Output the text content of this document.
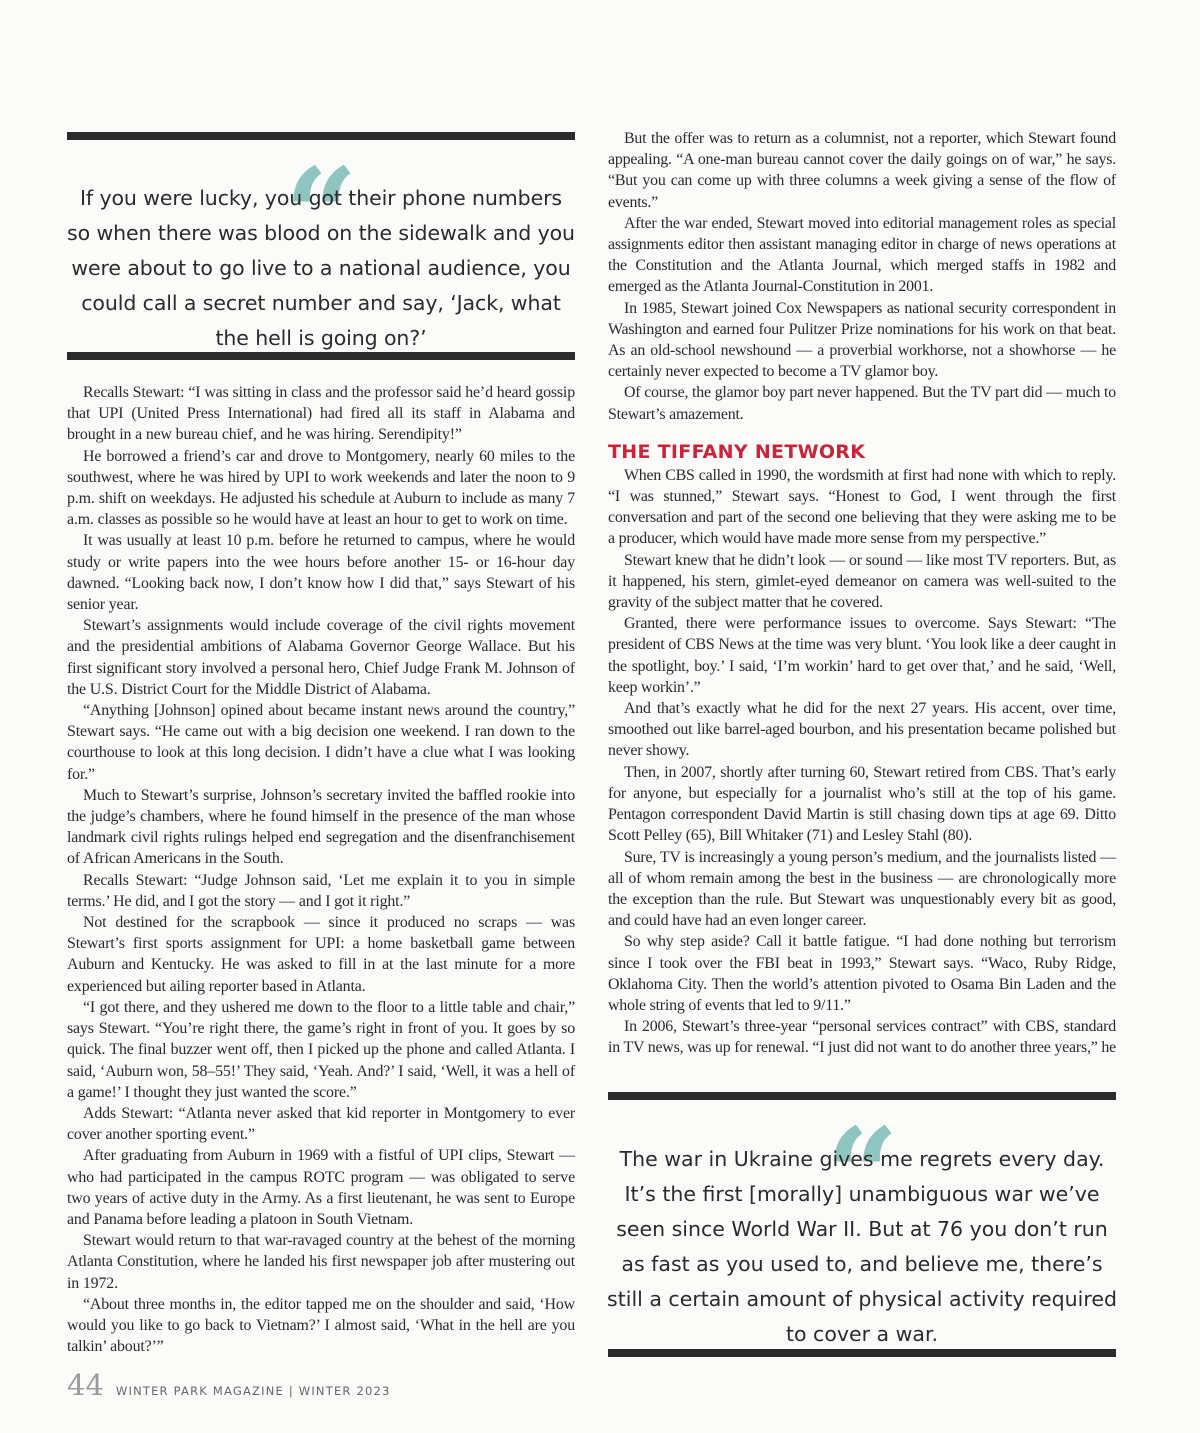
“

If you were lucky, you got their phone numbers so when there was blood on the sidewalk and you were about to go live to a national audience, you could call a secret number and say, ‘Jack, what the hell is going on?’

Recalls Stewart: “I was sitting in class and the professor said he’d heard gossip that UPI (United Press International) had fired all its staff in Alabama and brought in a new bureau chief, and he was hiring. Serendipity!”

He borrowed a friend’s car and drove to Montgomery, nearly 60 miles to the southwest, where he was hired by UPI to work weekends and later the noon to 9 p.m. shift on weekdays. He adjusted his schedule at Auburn to include as many 7 a.m. classes as possible so he would have at least an hour to get to work on time.

It was usually at least 10 p.m. before he returned to campus, where he would study or write papers into the wee hours before another 15- or 16-hour day dawned. “Looking back now, I don’t know how I did that,” says Stewart of his senior year.

Stewart’s assignments would include coverage of the civil rights movement and the presidential ambitions of Alabama Governor George Wallace. But his first significant story involved a personal hero, Chief Judge Frank M. Johnson of the U.S. District Court for the Middle District of Alabama.

“Anything [Johnson] opined about became instant news around the country,” Stewart says. “He came out with a big decision one weekend. I ran down to the courthouse to look at this long decision. I didn’t have a clue what I was looking for.”

Much to Stewart’s surprise, Johnson’s secretary invited the baffled rookie into the judge’s chambers, where he found himself in the presence of the man whose landmark civil rights rulings helped end segregation and the disenfranchisement of African Americans in the South.

Recalls Stewart: “Judge Johnson said, ‘Let me explain it to you in simple terms.’ He did, and I got the story — and I got it right.”

Not destined for the scrapbook — since it produced no scraps — was Stewart’s first sports assignment for UPI: a home basketball game between Auburn and Kentucky. He was asked to fill in at the last minute for a more experienced but ailing reporter based in Atlanta.

“I got there, and they ushered me down to the floor to a little table and chair,” says Stewart. “You’re right there, the game’s right in front of you. It goes by so quick. The final buzzer went off, then I picked up the phone and called Atlanta. I said, ‘Auburn won, 58–55!’ They said, ‘Yeah. And?’ I said, ‘Well, it was a hell of a game!’ I thought they just wanted the score.”

Adds Stewart: “Atlanta never asked that kid reporter in Montgomery to ever cover another sporting event.”

After graduating from Auburn in 1969 with a fistful of UPI clips, Stewart — who had participated in the campus ROTC program — was obligated to serve two years of active duty in the Army. As a first lieutenant, he was sent to Europe and Panama before leading a platoon in South Vietnam.

Stewart would return to that war-ravaged country at the behest of the morning Atlanta Constitution, where he landed his first newspaper job after mustering out in 1972.

“About three months in, the editor tapped me on the shoulder and said, ‘How would you like to go back to Vietnam?’ I almost said, ‘What in the hell are you talkin’ about?’”

But the offer was to return as a columnist, not a reporter, which Stewart found appealing. “A one-man bureau cannot cover the daily goings on of war,” he says. “But you can come up with three columns a week giving a sense of the flow of events.”

After the war ended, Stewart moved into editorial management roles as special assignments editor then assistant managing editor in charge of news operations at the Constitution and the Atlanta Journal, which merged staffs in 1982 and emerged as the Atlanta Journal-Constitution in 2001.

In 1985, Stewart joined Cox Newspapers as national security correspondent in Washington and earned four Pulitzer Prize nominations for his work on that beat. As an old-school newshound — a proverbial workhorse, not a showhorse — he certainly never expected to become a TV glamor boy.

Of course, the glamor boy part never happened. But the TV part did — much to Stewart’s amazement.

THE TIFFANY NETWORK

When CBS called in 1990, the wordsmith at first had none with which to reply. “I was stunned,” Stewart says. “Honest to God, I went through the first conversation and part of the second one believing that they were asking me to be a producer, which would have made more sense from my perspective.”

Stewart knew that he didn’t look — or sound — like most TV reporters. But, as it happened, his stern, gimlet-eyed demeanor on camera was well-suited to the gravity of the subject matter that he covered.

Granted, there were performance issues to overcome. Says Stewart: “The president of CBS News at the time was very blunt. ‘You look like a deer caught in the spotlight, boy.’ I said, ‘I’m workin’ hard to get over that,’ and he said, ‘Well, keep workin’.”

And that’s exactly what he did for the next 27 years. His accent, over time, smoothed out like barrel-aged bourbon, and his presentation became polished but never showy.

Then, in 2007, shortly after turning 60, Stewart retired from CBS. That’s early for anyone, but especially for a journalist who’s still at the top of his game. Pentagon correspondent David Martin is still chasing down tips at age 69. Ditto Scott Pelley (65), Bill Whitaker (71) and Lesley Stahl (80).

Sure, TV is increasingly a young person’s medium, and the journalists listed — all of whom remain among the best in the business — are chronologically more the exception than the rule. But Stewart was unquestionably every bit as good, and could have had an even longer career.

So why step aside? Call it battle fatigue. “I had done nothing but terrorism since I took over the FBI beat in 1993,” Stewart says. “Waco, Ruby Ridge, Oklahoma City. Then the world’s attention pivoted to Osama Bin Laden and the whole string of events that led to 9/11.”

In 2006, Stewart’s three-year “personal services contract” with CBS, standard in TV news, was up for renewal. “I just did not want to do another three years,” he

“

The war in Ukraine gives me regrets every day. It’s the first [morally] unambiguous war we’ve seen since World War II. But at 76 you don’t run as fast as you used to, and believe me, there’s still a certain amount of physical activity required to cover a war.

44 WINTER PARK MAGAZINE | WINTER 2023
